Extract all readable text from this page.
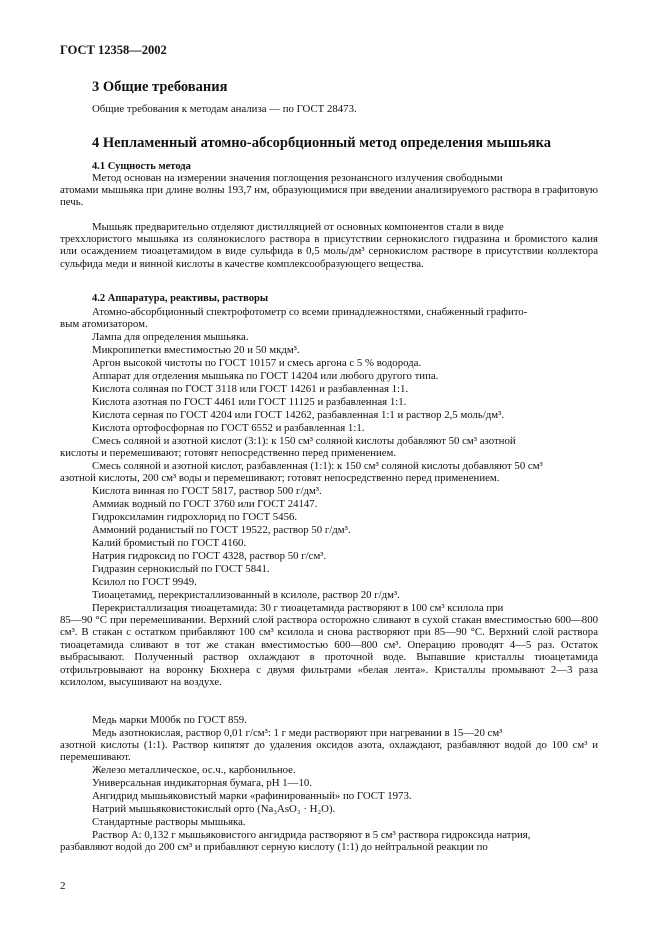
ГОСТ 12358—2002
3 Общие требования
Общие требования к методам анализа — по ГОСТ 28473.
4 Непламенный атомно-абсорбционный метод определения мышьяка
4.1 Сущность метода
Метод основан на измерении значения поглощения резонансного излучения свободными
атомами мышьяка при длине волны 193,7 нм, образующимися при введении анализируемого раствора в графитовую печь.
Мышьяк предварительно отделяют дистилляцией от основных компонентов стали в виде
треххлористого мышьяка из солянокислого раствора в присутствии сернокислого гидразина и бромистого калия или осаждением тиоацетамидом в виде сульфида в 0,5 моль/дм³ сернокислом растворе в присутствии коллектора сульфида меди и винной кислоты в качестве комплексообразующего вещества.
4.2 Аппаратура, реактивы, растворы
Атомно-абсорбционный спектрофотометр со всеми принадлежностями, снабженный графито-
вым атомизатором.
Лампа для определения мышьяка.
Микропипетки вместимостью 20 и 50 мкдм³.
Аргон высокой чистоты по ГОСТ 10157 и смесь аргона с 5 % водорода.
Аппарат для отделения мышьяка по ГОСТ 14204 или любого другого типа.
Кислота соляная по ГОСТ 3118 или ГОСТ 14261 и разбавленная 1:1.
Кислота азотная по ГОСТ 4461 или ГОСТ 11125 и разбавленная 1:1.
Кислота серная по ГОСТ 4204 или ГОСТ 14262, разбавленная 1:1 и раствор 2,5 моль/дм³.
Кислота ортофосфорная по ГОСТ 6552 и разбавленная 1:1.
Смесь соляной и азотной кислот (3:1): к 150 см³ соляной кислоты добавляют 50 см³ азотной
кислоты и перемешивают; готовят непосредственно перед применением.
Смесь соляной и азотной кислот, разбавленная (1:1): к 150 см³ соляной кислоты добавляют 50 см³
азотной кислоты, 200 см³ воды и перемешивают; готовят непосредственно перед применением.
Кислота винная по ГОСТ 5817, раствор 500 г/дм³.
Аммиак водный по ГОСТ 3760 или ГОСТ 24147.
Гидроксиламин гидрохлорид по ГОСТ 5456.
Аммоний роданистый по ГОСТ 19522, раствор 50 г/дм³.
Калий бромистый по ГОСТ 4160.
Натрия гидроксид по ГОСТ 4328, раствор 50 г/см³.
Гидразин сернокислый по ГОСТ 5841.
Ксилол по ГОСТ 9949.
Тиоацетамид, перекристаллизованный в ксилоле, раствор 20 г/дм³.
Перекристаллизация тиоацетамида: 30 г тиоацетамида растворяют в 100 см³ ксилола при
85—90 °С при перемешивании. Верхний слой раствора осторожно сливают в сухой стакан вместимостью 600—800 см³. В стакан с остатком прибавляют 100 см³ ксилола и снова растворяют при 85—90 °С. Верхний слой раствора тиоацетамида сливают в тот же стакан вместимостью 600—800 см³. Операцию проводят 4—5 раз. Остаток выбрасывают. Полученный раствор охлаждают в проточной воде. Выпавшие кристаллы тиоацетамида отфильтровывают на воронку Бюхнера с двумя фильтрами «белая лента». Кристаллы промывают 2—3 раза ксилолом, высушивают на воздухе.
Медь марки М00бк по ГОСТ 859.
Медь азотнокислая, раствор 0,01 г/см³: 1 г меди растворяют при нагревании в 15—20 см³
азотной кислоты (1:1). Раствор кипятят до удаления оксидов азота, охлаждают, разбавляют водой до 100 см³ и перемешивают.
Железо металлическое, ос.ч., карбонильное.
Универсальная индикаторная бумага, pH 1—10.
Ангидрид мышьяковистый марки «рафинированный» по ГОСТ 1973.
Натрий мышьяковистокислый орто (Na₃AsO₃ · H₂O).
Стандартные растворы мышьяка.
Раствор А: 0,132 г мышьяковистого ангидрида растворяют в 5 см³ раствора гидроксида натрия,
разбавляют водой до 200 см³ и прибавляют серную кислоту (1:1) до нейтральной реакции по
2
